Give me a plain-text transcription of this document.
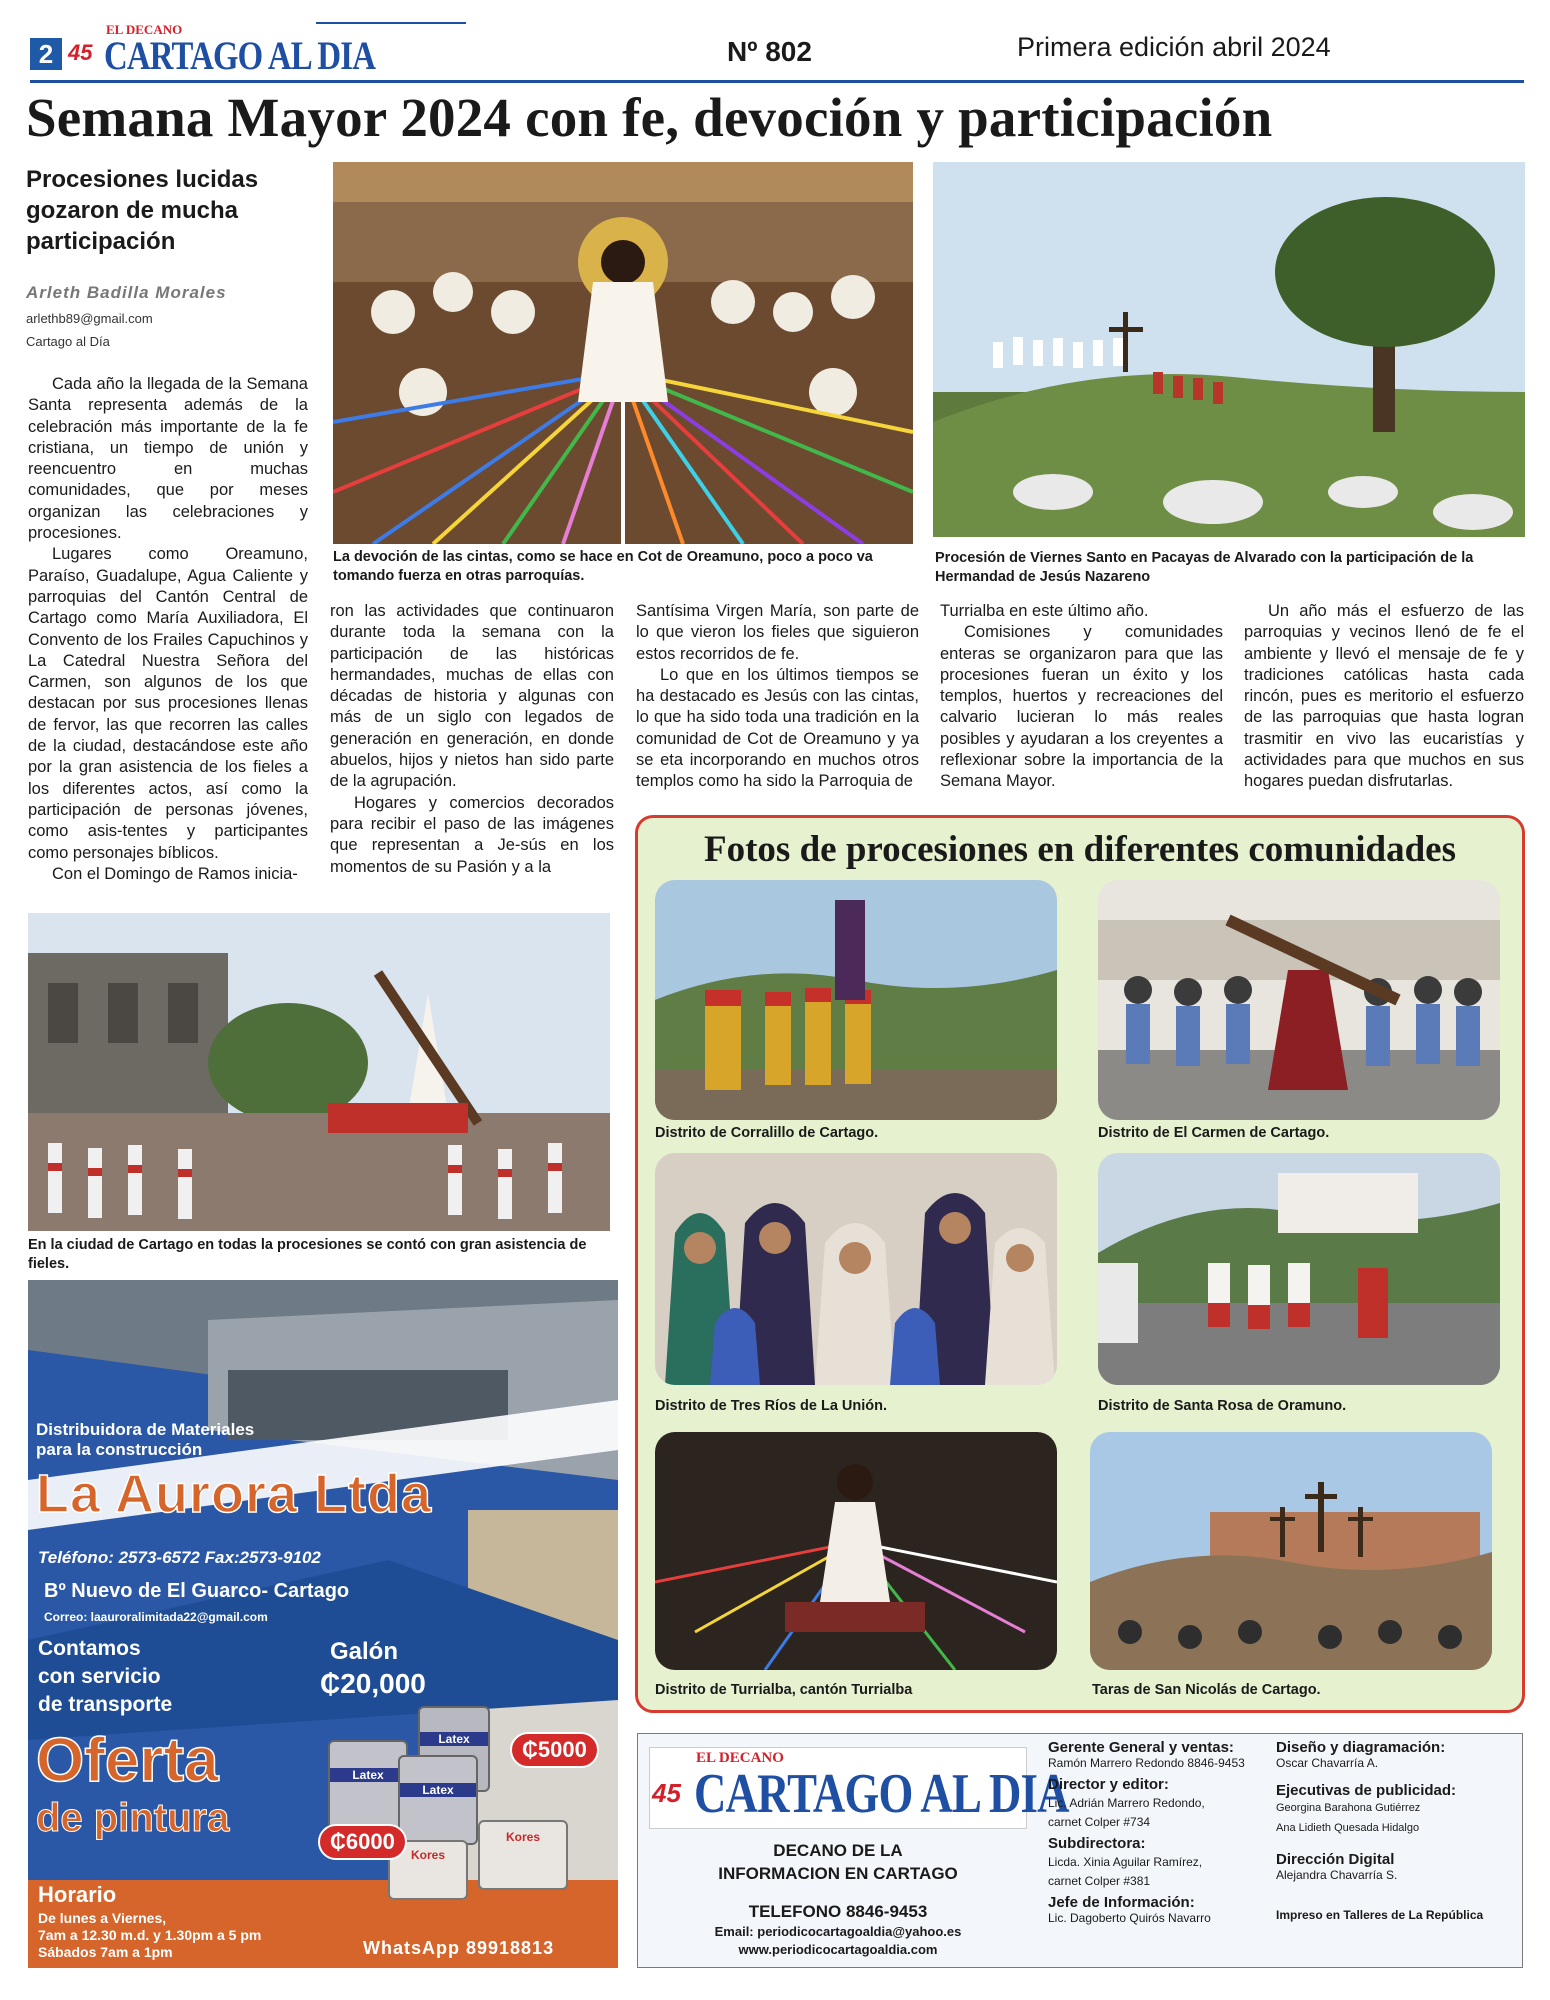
2
EL DECANO
45 CARTAGO AL DIA	Nº 802	Primera edición abril 2024
Semana Mayor 2024 con fe, devoción y participación
Procesiones lucidas gozaron de mucha participación
Arleth Badilla Morales
arlethb89@gmail.com
Cartago al Día
La devoción de las cintas, como se hace en Cot de Oreamuno, poco a poco va tomando fuerza en otras parroquías.
Procesión de Viernes Santo en Pacayas de Alvarado con la participación de la Hermandad de Jesús Nazareno

Cada año la llegada de la Semana Santa representa además de la celebración más importante de la fe cristiana, un tiempo de unión y reencuentro en muchas comunidades, que por meses organizan las celebraciones y procesiones.

Lugares como Oreamuno, Paraíso, Guadalupe, Agua Caliente y parroquias del Cantón Central de Cartago como María Auxiliadora, El Convento de los Frailes Capuchinos y La Catedral Nuestra Señora del Carmen, son algunos de los que destacan por sus procesiones llenas de fervor, las que recorren las calles de la ciudad, destacándose este año por la gran asistencia de los fieles a los diferentes actos, así como la participación de personas jóvenes, como asis-tentes y participantes como personajes bíblicos.

Con el Domingo de Ramos inicia-

ron las actividades que continuaron durante toda la semana con la participación de las históricas hermandades, muchas de ellas con décadas de historia y algunas con más de un siglo con legados de generación en generación, en donde abuelos, hijos y nietos han sido parte de la agrupación.

Hogares y comercios decorados para recibir el paso de las imágenes que representan a Je-sús en los momentos de su Pasión y a la

Santísima Virgen María, son parte de lo que vieron los fieles que siguieron estos recorridos de fe.

Lo que en los últimos tiempos se ha destacado es Jesús con las cintas, lo que ha sido toda una tradición en la comunidad de Cot de Oreamuno y ya se eta incorporando en muchos otros templos como ha sido la Parroquia de

Turrialba en este último año.

Comisiones y comunidades enteras se organizaron para que las procesiones fueran un éxito y los templos, huertos y recreaciones del calvario lucieran lo más reales posibles y ayudaran a los creyentes a reflexionar sobre la importancia de la Semana Mayor.

Un año más el esfuerzo de las parroquias y vecinos llenó de fe el ambiente y llevó el mensaje de fe y tradiciones católicas hasta cada rincón, pues es meritorio el esfuerzo de las parroquias que hasta logran trasmitir en vivo las eucaristías y actividades para que muchos en sus hogares puedan disfrutarlas.

En la ciudad de Cartago en todas la procesiones se contó con gran asistencia de fieles.
Fotos de procesiones en diferentes comunidades
Distrito de Corralillo de Cartago.	Distrito de El Carmen de Cartago.
Distrito de Tres Ríos de La Unión.	Distrito de Santa Rosa de Oramuno.
Distrito de Turrialba, cantón Turrialba	Taras de San Nicolás de Cartago.
Distribuidora de Materiales
para la construcción
La Aurora Ltda
Teléfono: 2573-6572 Fax:2573-9102
Bº Nuevo de El Guarco- Cartago
Correo: laauroralimitada22@gmail.com
Contamos
con servicio
de transporte
Galón
₵20,000
Latex
Latex
Latex
Kores
Kores
₵5000
₵6000
Oferta
de pintura
Horario
De lunes a Viernes,
7am a 12.30 m.d. y 1.30pm a 5 pm
Sábados 7am a 1pm	WhatsApp 89918813
EL DECANO
45 CARTAGO AL DIA
DECANO DE LA
INFORMACION EN CARTAGO
TELEFONO 8846-9453
Email: periodicocartagoaldia@yahoo.es
www.periodicocartagoaldia.com
Gerente General y ventas:
Ramón Marrero Redondo 8846-9453
Director y editor:
Lic. Adrián Marrero Redondo,
carnet Colper #734
Subdirectora:
Licda. Xinia Aguilar Ramírez,
carnet Colper #381
Jefe de Información:
Lic. Dagoberto Quirós Navarro
Diseño y diagramación:
Oscar Chavarría A.
Ejecutivas de publicidad:
Georgina Barahona Gutiérrez
Ana Lidieth Quesada Hidalgo
Dirección Digital
Alejandra Chavarría S.
Impreso en Talleres de La República
